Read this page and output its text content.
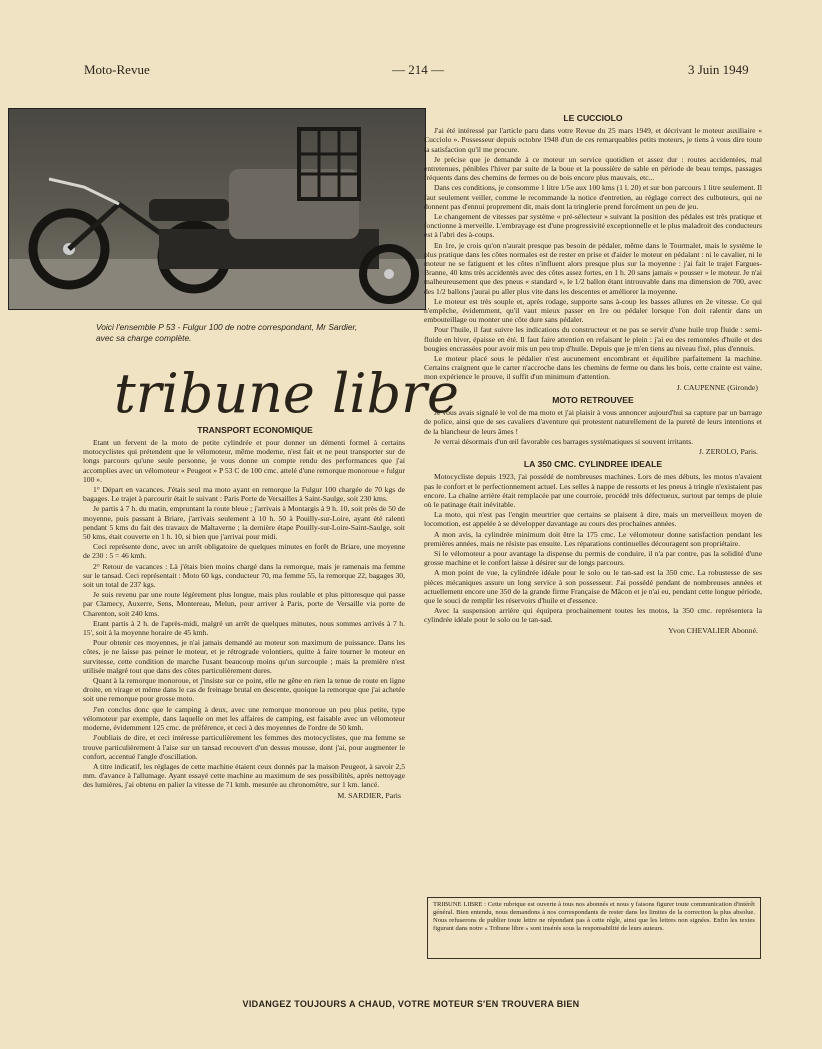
Moto-Revue	— 214 —	3 Juin 1949
Voici l'ensemble P 53 - Fulgur 100 de notre correspondant, Mr Sardier, avec sa charge complète.
tribune libre
TRANSPORT ECONOMIQUE

Etant un fervent de la moto de petite cylindrée et pour donner un démenti formel à certains motocyclistes qui prétendent que le vélomoteur, même moderne, n'est fait et ne peut transporter sur de longs parcours qu'une seule personne, je vous donne un compte rendu des performances que j'ai accomplies avec un vélomoteur « Peugeot » P 53 C de 100 cmc. attelé d'une remorque monoroue « fulgur 100 ».

1° Départ en vacances. J'étais seul ma moto ayant en remorque la Fulgur 100 chargée de 70 kgs de bagages. Le trajet à parcourir était le suivant : Paris Porte de Versailles à Saint-Saulge, soit 230 kms.

Je partis à 7 h. du matin, empruntant la route bleue ; j'arrivais à Montargis à 9 h. 10, soit près de 50 de moyenne, puis passant à Briare, j'arrivais seulement à 10 h. 50 à Pouilly-sur-Loire, ayant été ralenti pendant 5 kms du fait des travaux de Maltaverne ; la dernière étape Pouilly-sur-Loire-Saint-Saulge, soit 50 kms, était couverte en 1 h. 10, si bien que j'arrivai pour midi.

Ceci représente donc, avec un arrêt obligatoire de quelques minutes en forêt de Briare, une moyenne de 230 : 5 = 46 kmh.

2° Retour de vacances : Là j'étais bien moins chargé dans la remorque, mais je ramenais ma femme sur le tansad. Ceci représentait : Moto 60 kgs, conducteur 70, ma femme 55, la remorque 22, bagages 30, soit un total de 237 kgs.

Je suis revenu par une route légèrement plus longue, mais plus roulable et plus pittoresque qui passe par Clamecy, Auxerre, Sens, Montereau, Melun, pour arriver à Paris, porte de Versaille via porte de Charenton, soit 240 kms.

Etant partis à 2 h. de l'après-midi, malgré un arrêt de quelques minutes, nous sommes arrivés à 7 h. 15', soit à la moyenne horaire de 45 kmh.

Pour obtenir ces moyennes, je n'ai jamais demandé au moteur son maximum de puissance. Dans les côtes, je ne laisse pas peiner le moteur, et je rétrograde volontiers, quitte à faire tourner le moteur en survitesse, cette condition de marche l'usant beaucoup moins qu'un surcouple ; mais la première n'est utilisée malgré tout que dans des côtes particulièrement dures.

Quant à la remorque monoroue, et j'insiste sur ce point, elle ne gêne en rien la tenue de route en ligne droite, en virage et même dans le cas de freinage brutal en descente, quoique la remorque que j'ai achetée soit une remorque pour grosse moto.

J'en conclus donc que le camping à deux, avec une remorque monoroue un peu plus petite, type vélomoteur par exemple, dans laquelle on met les affaires de camping, est faisable avec un vélomoteur moderne, évidemment 125 cmc. de préférence, et ceci à des moyennes de l'ordre de 50 kmh.

J'oubliais de dire, et ceci intéresse particulièrement les femmes des motocyclistes, que ma femme se trouve particulièrement à l'aise sur un tansad recouvert d'un dessus mousse, dont j'ai, pour augmenter le confort, accentué l'angle d'oscillation.

A titre indicatif, les réglages de cette machine étaient ceux donnés par la maison Peugeot, à savoir 2,5 mm. d'avance à l'allumage. Ayant essayé cette machine au maximum de ses possibilités, après nettoyage des lumières, j'ai obtenu en palier la vitesse de 71 kmh. mesurée au chronomètre, sur 1 km. lancé.

M. SARDIER, Paris
LE CUCCIOLO

J'ai été intéressé par l'article paru dans votre Revue du 25 mars 1949, et décrivant le moteur auxiliaire « Cucciolo ». Possesseur depuis octobre 1948 d'un de ces remarquables petits moteurs, je tiens à vous dire toute la satisfaction qu'il me procure.

Je précise que je demande à ce moteur un service quotidien et assez dur : routes accidentées, mal entretenues, pénibles l'hiver par suite de la boue et la poussière de sable en période de beau temps, passages fréquents dans des chemins de fermes ou de bois encore plus mauvais, etc...

Dans ces conditions, je consomme 1 litre 1/5e aux 100 kms (1 l. 20) et sur bon parcours 1 litre seulement. Il faut seulement veiller, comme le recommande la notice d'entretien, au réglage correct des culbuteurs, qui ne donnent pas d'ennui proprement dit, mais dont la tringlerie prend forcément un peu de jeu.

Le changement de vitesses par système « pré-sélecteur » suivant la position des pédales est très pratique et fonctionne à merveille. L'embrayage est d'une progressivité exceptionnelle et le plus maladroit des conducteurs est à l'abri des à-coups.

En 1re, je crois qu'on n'aurait presque pas besoin de pédaler, même dans le Tourmalet, mais le système le plus pratique dans les côtes normales est de rester en prise et d'aider le moteur en pédalant : ni le cavalier, ni le moteur ne se fatiguent et les côtes n'influent alors presque plus sur la moyenne : j'ai fait le trajet Fargues-Branne, 40 kms très accidentés avec des côtes assez fortes, en 1 h. 20 sans jamais « pousser » le moteur. Je n'ai malheureusement que des pneus « standard », le 1/2 ballon étant introuvable dans ma dimension de 700, avec des 1/2 ballons j'aurai pu aller plus vite dans les descentes et améliorer la moyenne.

Le moteur est très souple et, après rodage, supporte sans à-coup les basses allures en 2e vitesse. Ce qui n'empêche, évidemment, qu'il vaut mieux passer en 1re ou pédaler lorsque l'on doit ralentir dans un embouteillage ou monter une côte dure sans pédaler.

Pour l'huile, il faut suivre les indications du constructeur et ne pas se servir d'une huile trop fluide : semi-fluide en hiver, épaisse en été. Il faut faire attention en refaisant le plein : j'ai eu des remontées d'huile et des bougies encrassées pour avoir mis un peu trop d'huile. Depuis que je m'en tiens au niveau fixé, plus d'ennuis.

Le moteur placé sous le pédalier n'est aucunement encombrant et équilibre parfaitement la machine. Certains craignent que le carter n'accroche dans les chemins de ferme ou dans les bois, cette crainte est vaine, mon expérience le prouve, il suffit d'un minimum d'attention.

J. CAUPENNE (Gironde)
MOTO RETROUVEE

Je vous avais signalé le vol de ma moto et j'ai plaisir à vous annoncer aujourd'hui sa capture par un barrage de police, ainsi que de ses cavaliers d'aventure qui protestent naturellement de la pureté de leurs intentions et de la blancheur de leurs âmes !

Je verrai désormais d'un œil favorable ces barrages systématiques si souvent irritants.

J. ZEROLO, Paris.
LA 350 CMC. CYLINDREE IDEALE

Motocycliste depuis 1923, j'ai possédé de nombreuses machines. Lors de mes débuts, les motos n'avaient pas le confort et le perfectionnement actuel. Les selles à nappe de ressorts et les pneus à tringle n'existaient pas encore. La chaîne arrière était remplacée par une courroie, procédé très défectueux, surtout par temps de pluie où le patinage était inévitable.

La moto, qui n'est pas l'engin meurtrier que certains se plaisent à dire, mais un merveilleux moyen de locomotion, est appelée à se développer davantage au cours des prochaines années.

A mon avis, la cylindrée minimum doit être la 175 cmc. Le vélomoteur donne satisfaction pendant les premières années, mais ne résiste pas ensuite. Les réparations continuelles découragent son propriétaire.

Si le vélomoteur a pour avantage la dispense du permis de conduire, il n'a par contre, pas la solidité d'une grosse machine et le confort laisse à désirer sur de longs parcours.

A mon point de vue, la cylindrée idéale pour le solo ou le tan-sad est la 350 cmc. La robustesse de ses pièces mécaniques assure un long service à son possesseur. J'ai possédé pendant de nombreuses années et actuellement encore une 350 de la grande firme Française de Mâcon et je n'ai eu, pendant cette longue période, que le souci de remplir les réservoirs d'huile et d'essence.

Avec la suspension arrière qui équipera prochainement toutes les motos, la 350 cmc. représentera la cylindrée idéale pour le solo ou le tan-sad.

Yvon CHEVALIER Abonné.
TRIBUNE LIBRE : Cette rubrique est ouverte à tous nos abonnés et nous y faisons figurer toute communication d'intérêt général. Bien entendu, nous demandons à nos correspondants de rester dans les limites de la correction la plus absolue. Nous refuserons de publier toute lettre ne répondant pas à cette règle, ainsi que les lettres non signées. Enfin les textes figurant dans notre « Tribune libre » sont insérés sous la responsabilité de leurs auteurs.
VIDANGEZ TOUJOURS A CHAUD, VOTRE MOTEUR S'EN TROUVERA BIEN
